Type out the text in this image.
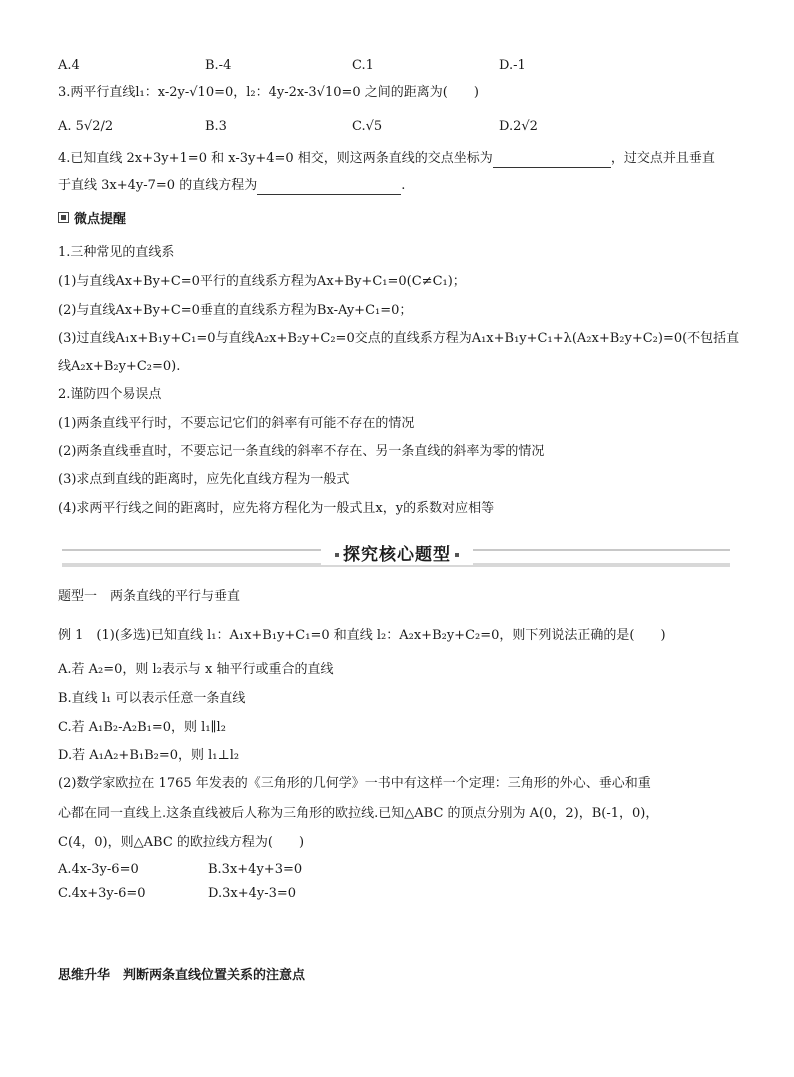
A.4	B.-4	C.1	D.-1
3.两平行直线l₁：x-2y-√10=0，l₂：4y-2x-3√10=0 之间的距离为(　　)
A. 5√2/2	B.3	C.√5	D.2√2
4.已知直线 2x+3y+1=0 和 x-3y+4=0 相交，则这两条直线的交点坐标为	，过交点并且垂直
于直线 3x+4y-7=0 的直线方程为	.
微点提醒
1.三种常见的直线系
(1)与直线Ax+By+C=0平行的直线系方程为Ax+By+C₁=0(C≠C₁)；
(2)与直线Ax+By+C=0垂直的直线系方程为Bx-Ay+C₁=0；
(3)过直线A₁x+B₁y+C₁=0与直线A₂x+B₂y+C₂=0交点的直线系方程为A₁x+B₁y+C₁+λ(A₂x+B₂y+C₂)=0(不包括直
线A₂x+B₂y+C₂=0).
2.谨防四个易误点
(1)两条直线平行时，不要忘记它们的斜率有可能不存在的情况
(2)两条直线垂直时，不要忘记一条直线的斜率不存在、另一条直线的斜率为零的情况
(3)求点到直线的距离时，应先化直线方程为一般式
(4)求两平行线之间的距离时，应先将方程化为一般式且x，y的系数对应相等
探究核心题型
题型一　两条直线的平行与垂直
例 1　(1)(多选)已知直线 l₁：A₁x+B₁y+C₁=0 和直线 l₂：A₂x+B₂y+C₂=0，则下列说法正确的是(　　)
A.若 A₂=0，则 l₂表示与 x 轴平行或重合的直线
B.直线 l₁ 可以表示任意一条直线
C.若 A₁B₂-A₂B₁=0，则 l₁∥l₂
D.若 A₁A₂+B₁B₂=0，则 l₁⊥l₂
(2)数学家欧拉在 1765 年发表的《三角形的几何学》一书中有这样一个定理：三角形的外心、垂心和重
心都在同一直线上.这条直线被后人称为三角形的欧拉线.已知△ABC 的顶点分别为 A(0，2)，B(-1，0)，
C(4，0)，则△ABC 的欧拉线方程为(　　)
A.4x-3y-6=0	B.3x+4y+3=0
C.4x+3y-6=0	D.3x+4y-3=0
思维升华　判断两条直线位置关系的注意点
